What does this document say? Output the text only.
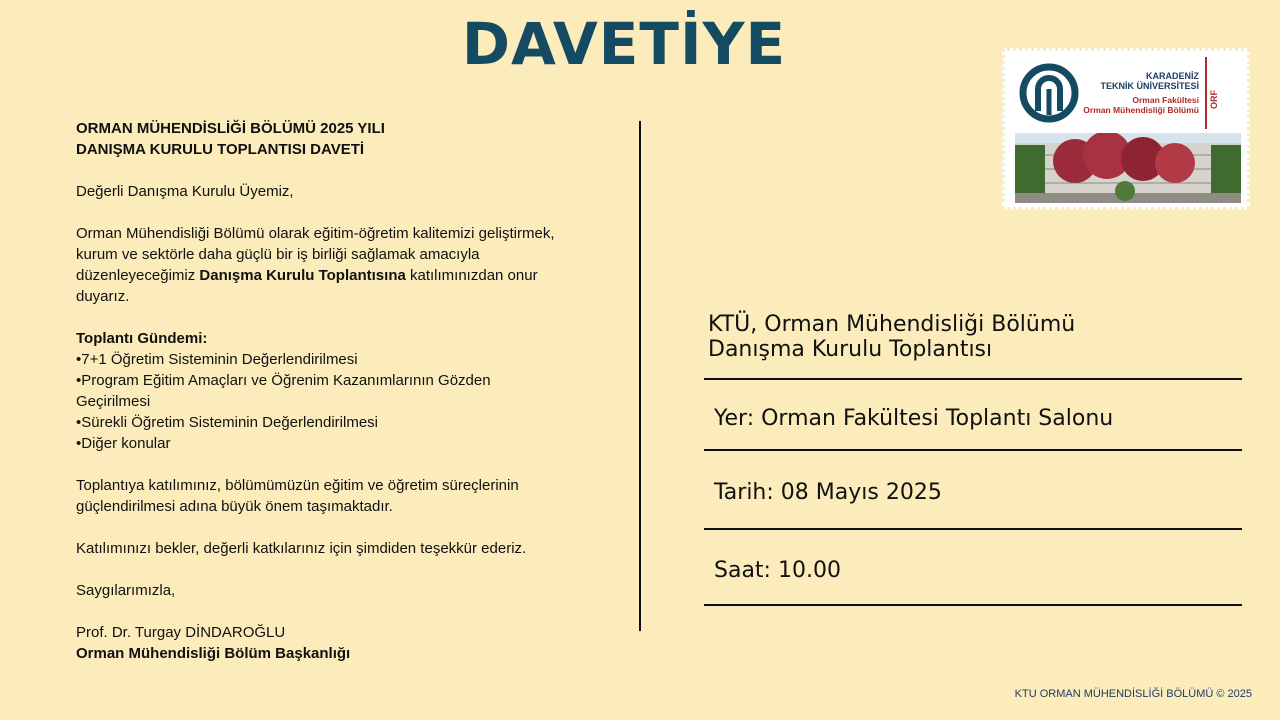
DAVETİYE

ORMAN MÜHENDİSLİĞİ BÖLÜMÜ 2025 YILI

DANIŞMA KURULU TOPLANTISI DAVETİ

Değerli Danışma Kurulu Üyemiz,

Orman Mühendisliği Bölümü olarak eğitim-öğretim kalitemizi geliştirmek, kurum ve sektörle daha güçlü bir iş birliği sağlamak amacıyla düzenleyeceğimiz Danışma Kurulu Toplantısına katılımınızdan onur duyarız.

Toplantı Gündemi:

•7+1 Öğretim Sisteminin Değerlendirilmesi

•Program Eğitim Amaçları ve Öğrenim Kazanımlarının Gözden Geçirilmesi

•Sürekli Öğretim Sisteminin Değerlendirilmesi

•Diğer konular

Toplantıya katılımınız, bölümümüzün eğitim ve öğretim süreçlerinin güçlendirilmesi adına büyük önem taşımaktadır.

Katılımınızı bekler, değerli katkılarınız için şimdiden teşekkür ederiz.

Saygılarımızla,

Prof. Dr. Turgay DİNDAROĞLU

Orman Mühendisliği Bölüm Başkanlığı

KARADENİZ
TEKNİK ÜNİVERSİTESİ
Orman Fakültesi
Orman Mühendisliği Bölümü
ORF
KTÜ, Orman Mühendisliği Bölümü
Danışma Kurulu Toplantısı
Yer: Orman Fakültesi Toplantı Salonu
Tarih: 08 Mayıs 2025
Saat: 10.00
KTU ORMAN MÜHENDİSLİĞİ BÖLÜMÜ © 2025
